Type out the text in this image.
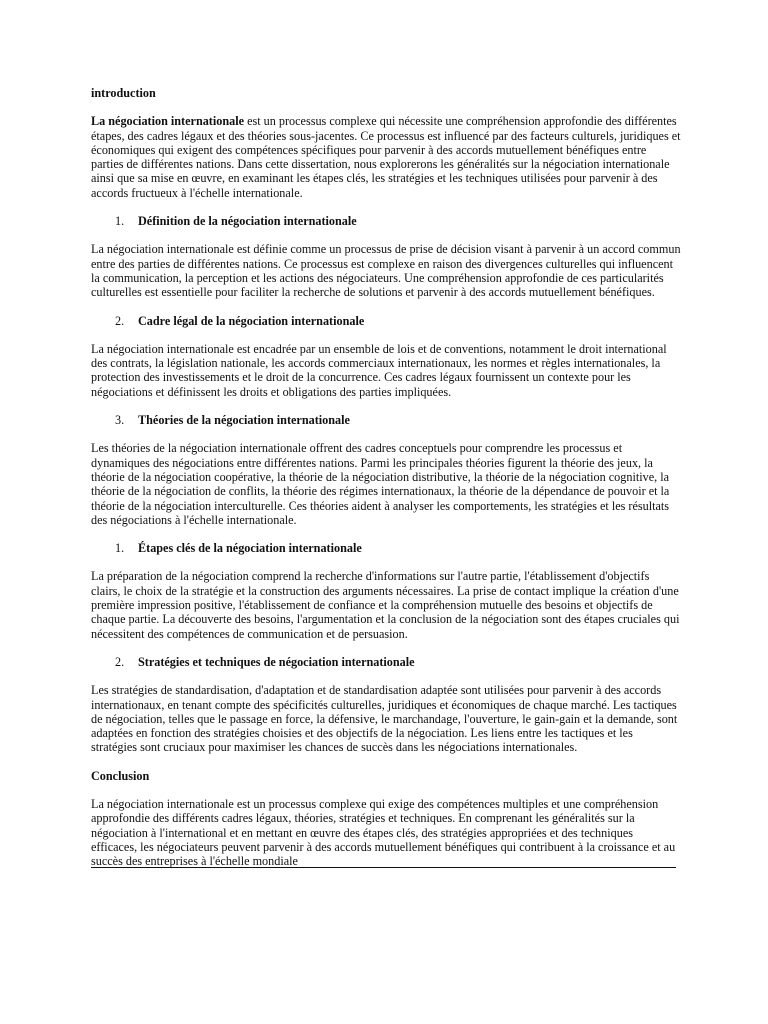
introduction

La négociation internationale est un processus complexe qui nécessite une compréhension approfondie des différentes étapes, des cadres légaux et des théories sous-jacentes. Ce processus est influencé par des facteurs culturels, juridiques et économiques qui exigent des compétences spécifiques pour parvenir à des accords mutuellement bénéfiques entre parties de différentes nations. Dans cette dissertation, nous explorerons les généralités sur la négociation internationale ainsi que sa mise en œuvre, en examinant les étapes clés, les stratégies et les techniques utilisées pour parvenir à des accords fructueux à l'échelle internationale.

1.	Définition de la négociation internationale

La négociation internationale est définie comme un processus de prise de décision visant à parvenir à un accord commun entre des parties de différentes nations. Ce processus est complexe en raison des divergences culturelles qui influencent la communication, la perception et les actions des négociateurs. Une compréhension approfondie de ces particularités culturelles est essentielle pour faciliter la recherche de solutions et parvenir à des accords mutuellement bénéfiques.

2.	Cadre légal de la négociation internationale

La négociation internationale est encadrée par un ensemble de lois et de conventions, notamment le droit international des contrats, la législation nationale, les accords commerciaux internationaux, les normes et règles internationales, la protection des investissements et le droit de la concurrence. Ces cadres légaux fournissent un contexte pour les négociations et définissent les droits et obligations des parties impliquées.

3.	Théories de la négociation internationale

Les théories de la négociation internationale offrent des cadres conceptuels pour comprendre les processus et dynamiques des négociations entre différentes nations. Parmi les principales théories figurent la théorie des jeux, la théorie de la négociation coopérative, la théorie de la négociation distributive, la théorie de la négociation cognitive, la théorie de la négociation de conflits, la théorie des régimes internationaux, la théorie de la dépendance de pouvoir et la théorie de la négociation interculturelle. Ces théories aident à analyser les comportements, les stratégies et les résultats des négociations à l'échelle internationale.

1.	Étapes clés de la négociation internationale

La préparation de la négociation comprend la recherche d'informations sur l'autre partie, l'établissement d'objectifs clairs, le choix de la stratégie et la construction des arguments nécessaires. La prise de contact implique la création d'une première impression positive, l'établissement de confiance et la compréhension mutuelle des besoins et objectifs de chaque partie. La découverte des besoins, l'argumentation et la conclusion de la négociation sont des étapes cruciales qui nécessitent des compétences de communication et de persuasion.

2.	Stratégies et techniques de négociation internationale

Les stratégies de standardisation, d'adaptation et de standardisation adaptée sont utilisées pour parvenir à des accords internationaux, en tenant compte des spécificités culturelles, juridiques et économiques de chaque marché. Les tactiques de négociation, telles que le passage en force, la défensive, le marchandage, l'ouverture, le gain-gain et la demande, sont adaptées en fonction des stratégies choisies et des objectifs de la négociation. Les liens entre les tactiques et les stratégies sont cruciaux pour maximiser les chances de succès dans les négociations internationales.

Conclusion

La négociation internationale est un processus complexe qui exige des compétences multiples et une compréhension approfondie des différents cadres légaux, théories, stratégies et techniques. En comprenant les généralités sur la négociation à l'international et en mettant en œuvre des étapes clés, des stratégies appropriées et des techniques efficaces, les négociateurs peuvent parvenir à des accords mutuellement bénéfiques qui contribuent à la croissance et au succès des entreprises à l'échelle mondiale
